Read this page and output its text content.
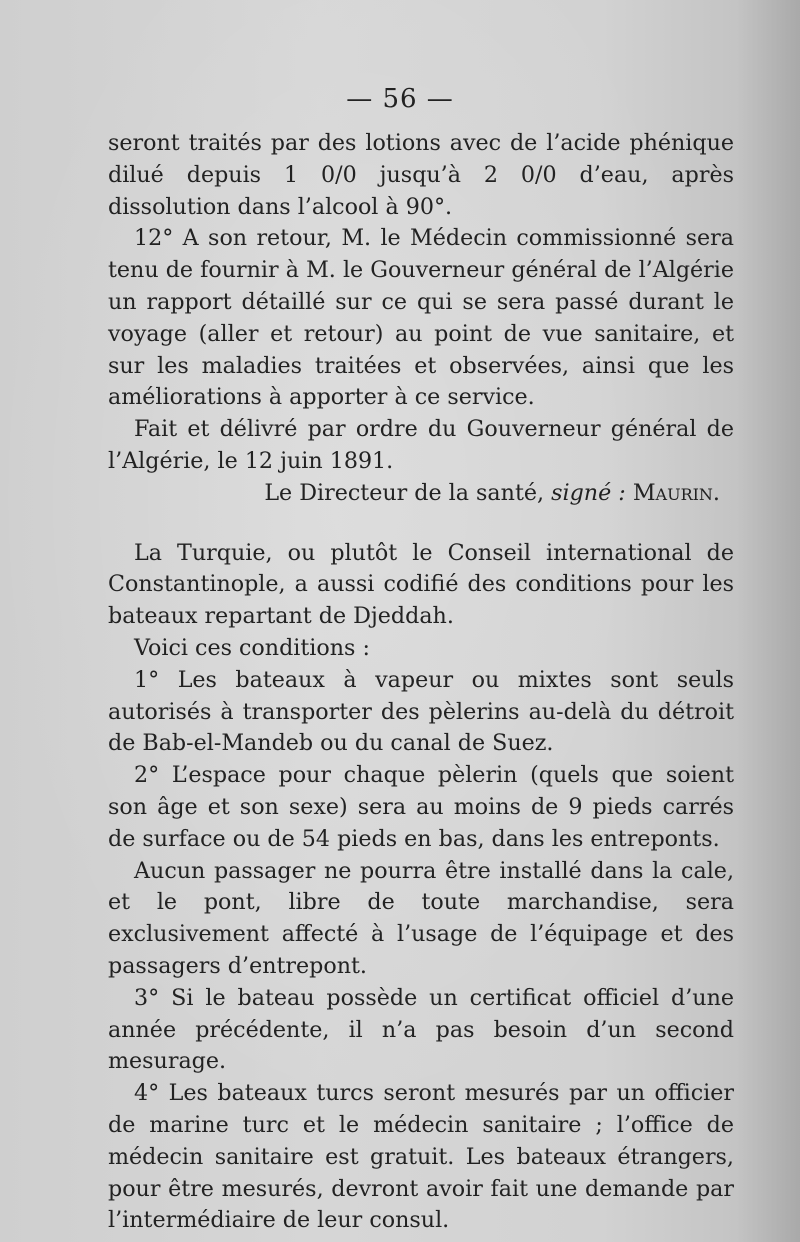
— 56 —

seront traités par des lotions avec de l’acide phénique dilué depuis 1 0/0 jusqu’à 2 0/0 d’eau, après dissolution dans l’alcool à 90°.

12° A son retour, M. le Médecin commissionné sera tenu de fournir à M. le Gouverneur général de l’Algérie un rapport détaillé sur ce qui se sera passé durant le voyage (aller et retour) au point de vue sanitaire, et sur les maladies traitées et observées, ainsi que les améliorations à apporter à ce service.

Fait et délivré par ordre du Gouverneur général de l’Algérie, le 12 juin 1891.

Le Directeur de la santé, signé : Maurin.

La Turquie, ou plutôt le Conseil international de Constantinople, a aussi codifié des conditions pour les bateaux repartant de Djeddah.

Voici ces conditions :

1° Les bateaux à vapeur ou mixtes sont seuls autorisés à transporter des pèlerins au-delà du détroit de Bab-el-Mandeb ou du canal de Suez.

2° L’espace pour chaque pèlerin (quels que soient son âge et son sexe) sera au moins de 9 pieds carrés de surface ou de 54 pieds en bas, dans les entreponts.

Aucun passager ne pourra être installé dans la cale, et le pont, libre de toute marchandise, sera exclusivement affecté à l’usage de l’équipage et des passagers d’entrepont.

3° Si le bateau possède un certificat officiel d’une année précédente, il n’a pas besoin d’un second mesurage.

4° Les bateaux turcs seront mesurés par un officier de marine turc et le médecin sanitaire ; l’office de médecin sanitaire est gratuit. Les bateaux étrangers, pour être mesurés, devront avoir fait une demande par l’intermédiaire de leur consul.
